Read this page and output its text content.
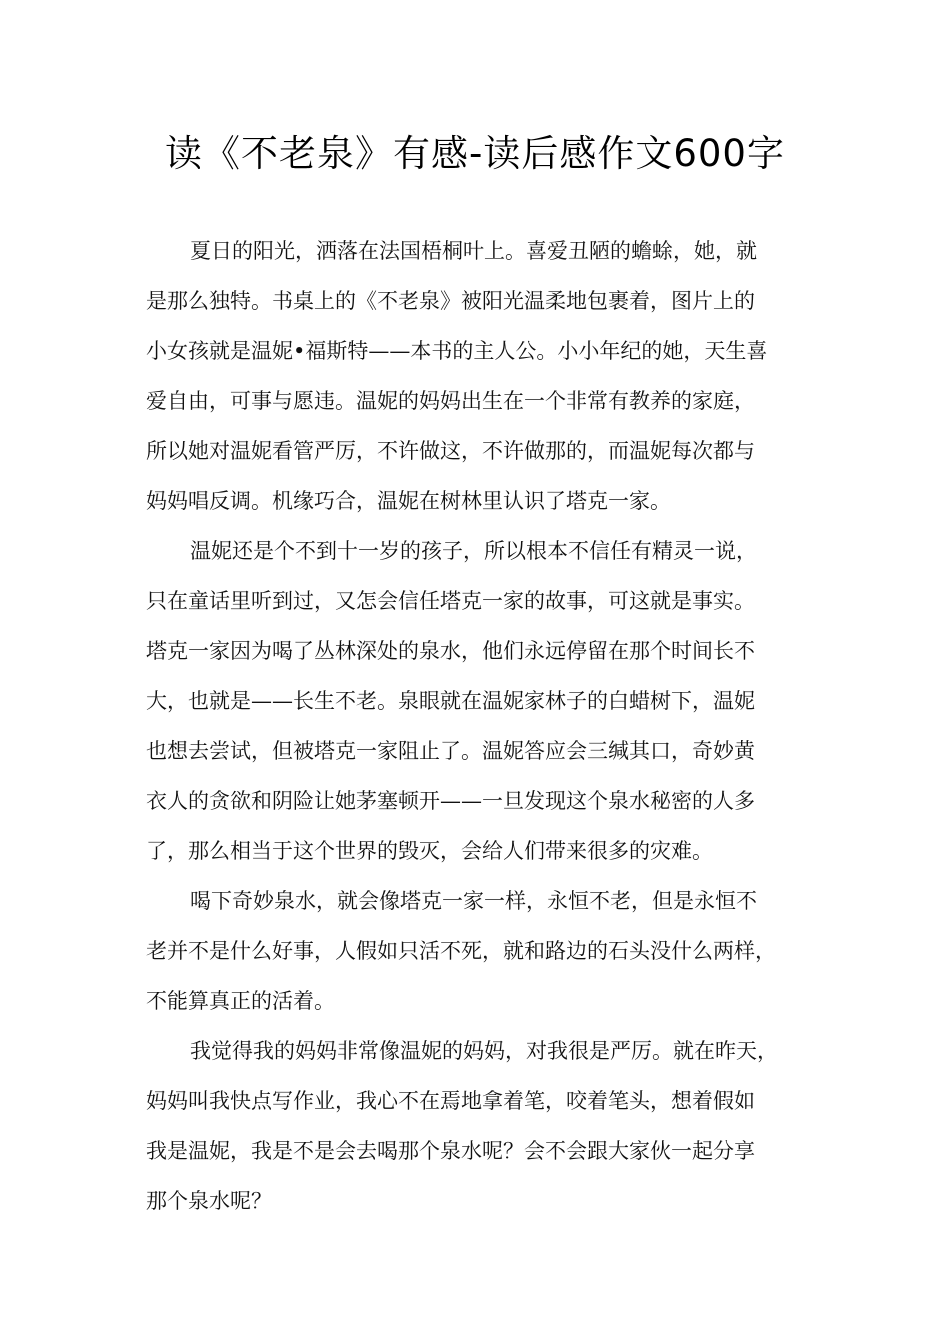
读《不老泉》有感-读后感作文600字
夏日的阳光，洒落在法国梧桐叶上。喜爱丑陋的蟾蜍，她，就
是那么独特。书桌上的《不老泉》被阳光温柔地包裹着，图片上的
小女孩就是温妮•福斯特——本书的主人公。小小年纪的她，天生喜
爱自由，可事与愿违。温妮的妈妈出生在一个非常有教养的家庭，
所以她对温妮看管严厉，不许做这，不许做那的，而温妮每次都与
妈妈唱反调。机缘巧合，温妮在树林里认识了塔克一家。
温妮还是个不到十一岁的孩子，所以根本不信任有精灵一说，
只在童话里听到过，又怎会信任塔克一家的故事，可这就是事实。
塔克一家因为喝了丛林深处的泉水，他们永远停留在那个时间长不
大，也就是——长生不老。泉眼就在温妮家林子的白蜡树下，温妮
也想去尝试，但被塔克一家阻止了。温妮答应会三缄其口，奇妙黄
衣人的贪欲和阴险让她茅塞顿开——一旦发现这个泉水秘密的人多
了，那么相当于这个世界的毁灭，会给人们带来很多的灾难。
喝下奇妙泉水，就会像塔克一家一样，永恒不老，但是永恒不
老并不是什么好事，人假如只活不死，就和路边的石头没什么两样，
不能算真正的活着。
我觉得我的妈妈非常像温妮的妈妈，对我很是严厉。就在昨天，
妈妈叫我快点写作业，我心不在焉地拿着笔，咬着笔头，想着假如
我是温妮，我是不是会去喝那个泉水呢？会不会跟大家伙一起分享
那个泉水呢？
